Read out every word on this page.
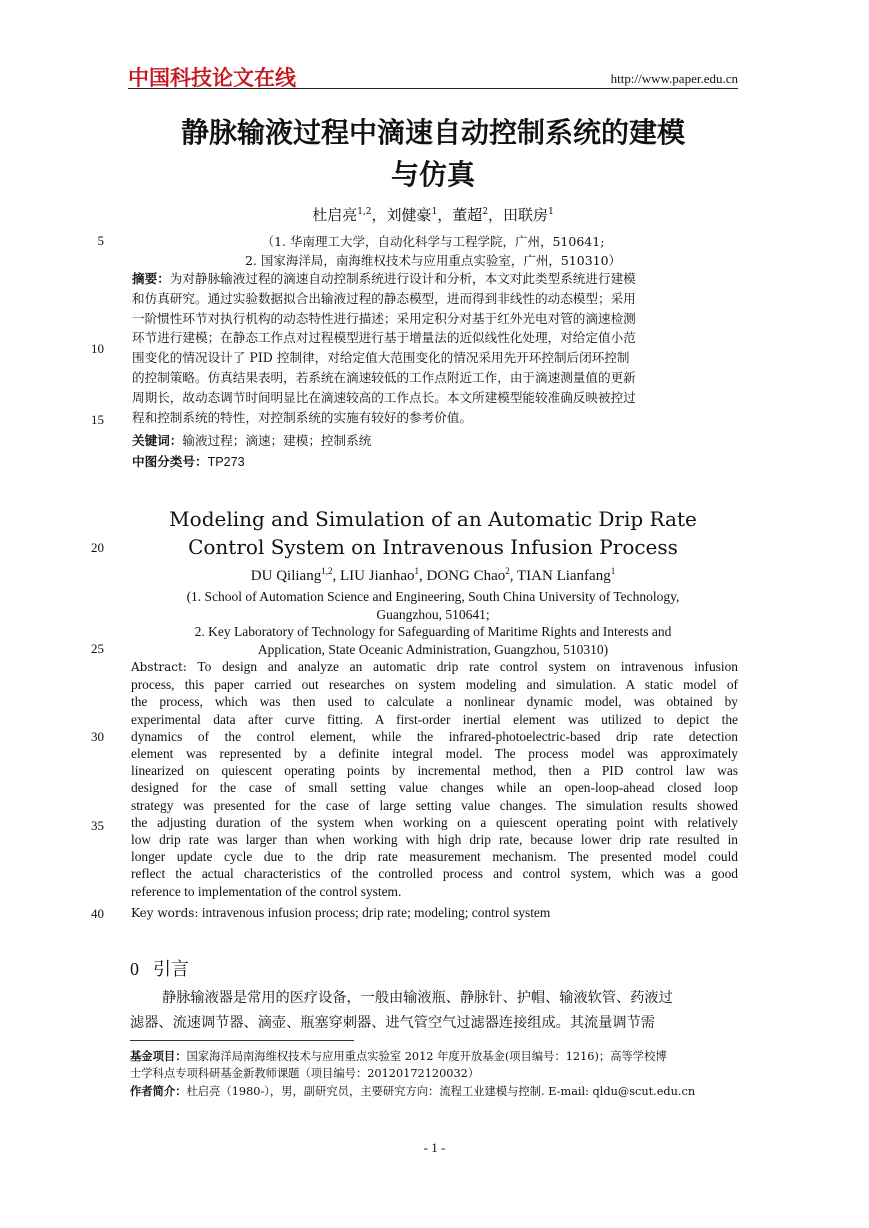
中国科技论文在线	http://www.paper.edu.cn
静脉输液过程中滴速自动控制系统的建模
与仿真
杜启亮$^{1,2}$，刘健豪$^1$，董超$^2$，田联房$^1$
（1. 华南理工大学，自动化科学与工程学院，广州，510641;
2. 国家海洋局，南海维权技术与应用重点实验室，广州，510310）
5
10
15
20
25
30
35
40
摘要：为对静脉输液过程的滴速自动控制系统进行设计和分析，本文对此类型系统进行建模
和仿真研究。通过实验数据拟合出输液过程的静态模型，进而得到非线性的动态模型；采用
一阶惯性环节对执行机构的动态特性进行描述；采用定积分对基于红外光电对管的滴速检测
环节进行建模；在静态工作点对过程模型进行基于增量法的近似线性化处理，对给定值小范
围变化的情况设计了 PID 控制律，对给定值大范围变化的情况采用先开环控制后闭环控制
的控制策略。仿真结果表明，若系统在滴速较低的工作点附近工作，由于滴速测量值的更新
周期长，故动态调节时间明显比在滴速较高的工作点长。本文所建模型能较准确反映被控过
程和控制系统的特性，对控制系统的实施有较好的参考价值。
关键词：输液过程；滴速；建模；控制系统
中图分类号：TP273
Modeling and Simulation of an Automatic Drip Rate
Control System on Intravenous Infusion Process
DU Qiliang$^{1,2}$, LIU Jianhao$^1$, DONG Chao$^2$, TIAN Lianfang$^1$
(1. School of Automation Science and Engineering, South China University of Technology,
Guangzhou, 510641;
2. Key Laboratory of Technology for Safeguarding of Maritime Rights and Interests and
Application, State Oceanic Administration, Guangzhou, 510310)
Abstract: To design and analyze an automatic drip rate control system on intravenous infusion
process, this paper carried out researches on system modeling and simulation. A static model of
the process, which was then used to calculate a nonlinear dynamic model, was obtained by
experimental data after curve fitting. A first-order inertial element was utilized to depict the
dynamics of the control element, while the infrared-photoelectric-based drip rate detection
element was represented by a definite integral model. The process model was approximately
linearized on quiescent operating points by incremental method, then a PID control law was
designed for the case of small setting value changes while an open-loop-ahead closed loop
strategy was presented for the case of large setting value changes. The simulation results showed
the adjusting duration of the system when working on a quiescent operating point with relatively
low drip rate was larger than when working with high drip rate, because lower drip rate resulted in
longer update cycle due to the drip rate measurement mechanism. The presented model could
reflect the actual characteristics of the controlled process and control system, which was a good
reference to implementation of the control system.
Key words: intravenous infusion process; drip rate; modeling; control system
0 引言
静脉输液器是常用的医疗设备，一般由输液瓶、静脉针、护帽、输液软管、药液过
滤器、流速调节器、滴壶、瓶塞穿刺器、进气管空气过滤器连接组成。其流量调节需
基金项目：国家海洋局南海维权技术与应用重点实验室 2012 年度开放基金(项目编号：1216)；高等学校博
士学科点专项科研基金新教师课题（项目编号：20120172120032）
作者简介：杜启亮（1980-），男，副研究员，主要研究方向：流程工业建模与控制. E-mail: qldu@scut.edu.cn
- 1 -
